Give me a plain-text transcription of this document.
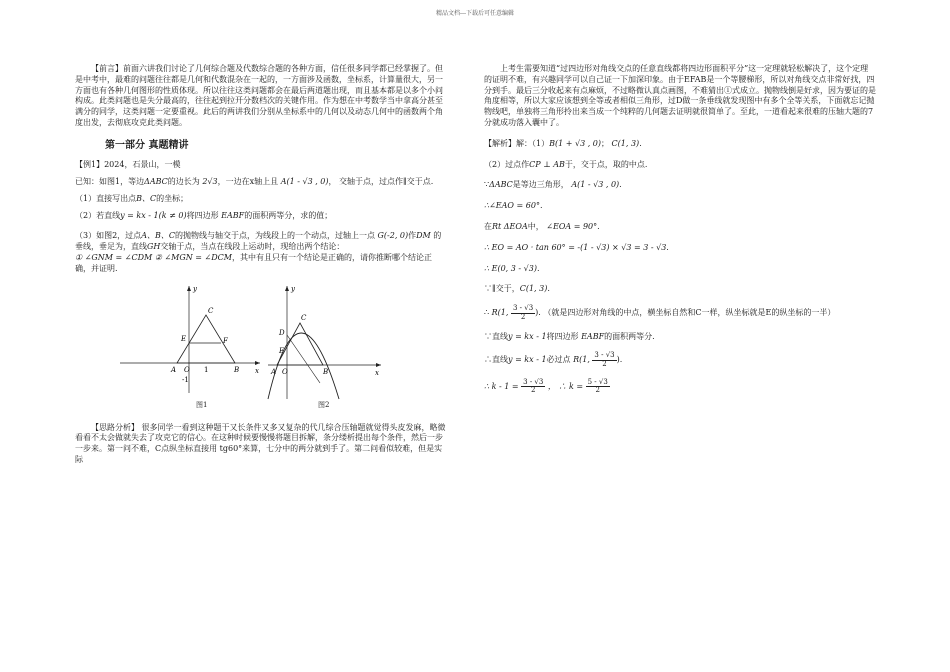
精品文档---下载后可任意编辑

【前言】前面六讲我们讨论了几何综合题及代数综合题的各种方面，信任很多同学都已经掌握了。但是中考中，最难的问题往往都是几何和代数混杂在一起的，一方面涉及函数，坐标系，计算量很大，另一方面也有各种几何图形的性质体现。所以往往这类问题都会在最后两道题出现，而且基本都是以多个小问构成。此类问题也是失分最高的，往往起到拉开分数档次的关键作用。作为想在中考数学当中拿高分甚至满分的同学，这类问题一定要重视。此后的两讲我们分别从坐标系中的几何以及动态几何中的函数两个角度出发，去彻底攻克此类问题。

第一部分 真题精讲

【例1】2024，石景山，一模

已知：如图1，等边ΔABC的边长为 2√3，一边在x轴上且 A(1 - √3 , 0)， 交轴于点，过点作∥交于点.

（1）直接写出点B、C的坐标；

（2）若直线y = kx - 1(k ≠ 0)将四边形 EABF的面积两等分，求的值；

（3）如图2，过点A、B、C的抛物线与轴交于点，为线段上的一个动点，过轴上一点 G(-2, 0)作DM 的垂线，垂足为，直线GH交轴于点，当点在线段上运动时，现给出两个结论：
① ∠GNM = ∠CDM ② ∠MGN = ∠DCM，其中有且只有一个结论是正确的，请你推断哪个结论正确，并证明.

y
x
O
A	B
C
E	F
1
-1
图1
y
x
O
A	B
C
D
E
图2

【思路分析】 很多同学一看到这种题干又长条件又多又复杂的代几综合压轴题就觉得头皮发麻，略微看看不太会做就失去了攻克它的信心。在这种时候要慢慢将题目拆解，条分缕析提出每个条件，然后一步一步来。第一问不难，C点纵坐标直接用 tg60°来算，七分中的两分就到手了。第二问看似较难，但是实际

上考生需要知道“过四边形对角线交点的任意直线都将四边形面积平分”这一定理就轻松解决了，这个定理的证明不难，有兴趣同学可以自己证一下加深印象。由于EFAB是一个等腰梯形，所以对角线交点非常好找，四分到手。最后三分收起来有点麻烦，不过略微认真点画图，不难猜出①式成立。抛物线倒是好求，因为要证的是角度相等，所以大家应该想到全等或者相似三角形，过D做一条垂线就发现图中有多个全等关系，下面就忘记抛物线吧，单独将三角形拎出来当成一个纯粹的几何题去证明就很简单了。至此，一道看起来很难的压轴大题的7分就成功落入囊中了。

【解析】解：（1）B(1 + √3 , 0)； C(1, 3).

（2）过点作CP ⊥ AB于，交于点，取的中点.

∵ΔABC是等边三角形， A(1 - √3 , 0).

∴∠EAO = 60°.

在Rt ΔEOA中， ∠EOA = 90°.

∴ EO = AO · tan 60° = -(1 - √3) × √3 = 3 - √3.

∴ E(0, 3 - √3).

∵∥交于，C(1, 3).

∴ R(1, $\frac{3 - √3}{2}$ ). （就是四边形对角线的中点，横坐标自然和C一样，纵坐标就是E的纵坐标的一半）

∵直线y = kx - 1将四边形 EABF的面积两等分.

∴直线y = kx - 1必过点 R(1, $\frac{3 - √3}{2}$ ).

∴ $k - 1 = \frac{3 - √3}{2}$ ， ∴ $k = \frac{5 - √3}{2}$
